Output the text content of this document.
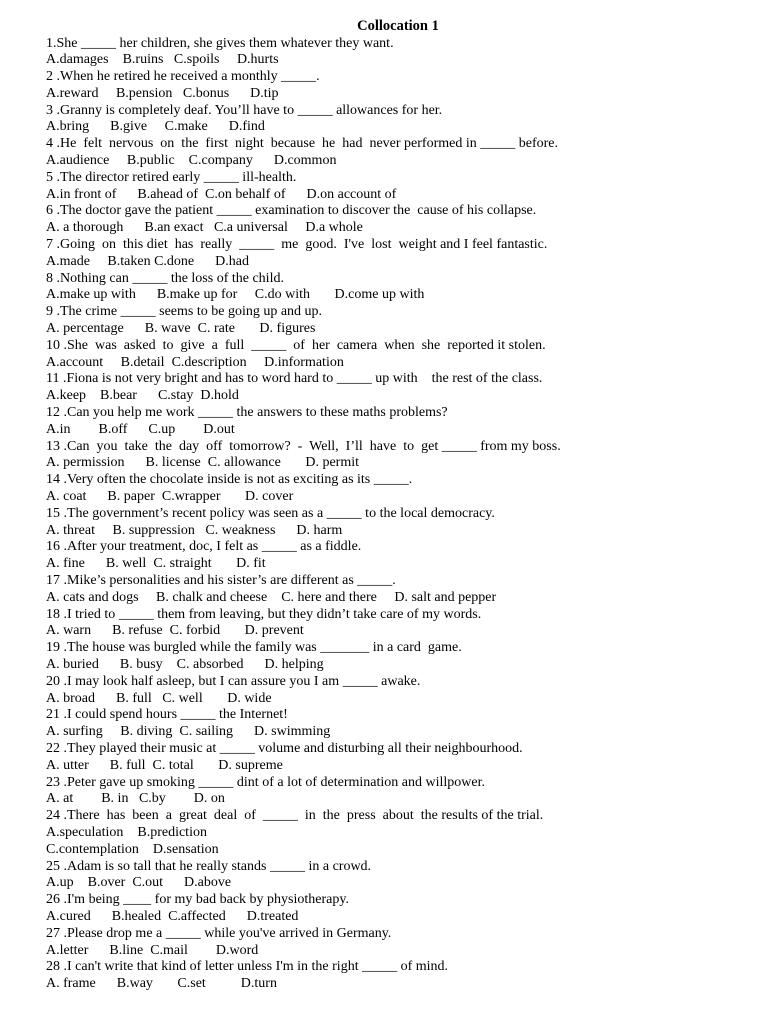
Collocation 1
1.She _____ her children, she gives them whatever they want.
A.damages    B.ruins   C.spoils     D.hurts
2 .When he retired he received a monthly _____.
A.reward     B.pension   C.bonus      D.tip
3 .Granny is completely deaf. You’ll have to _____ allowances for her.
A.bring      B.give     C.make      D.find
4 .He  felt  nervous  on  the  first  night  because  he  had  never performed in _____ before.
A.audience     B.public    C.company      D.common
5 .The director retired early _____ ill-health.
A.in front of      B.ahead of  C.on behalf of      D.on account of
6 .The doctor gave the patient _____ examination to discover the  cause of his collapse.
A. a thorough      B.an exact   C.a universal     D.a whole
7 .Going  on  this diet  has  really  _____  me  good.  I've  lost  weight and I feel fantastic.
A.made     B.taken C.done      D.had
8 .Nothing can _____ the loss of the child.
A.make up with      B.make up for     C.do with       D.come up with
9 .The crime _____ seems to be going up and up.
A. percentage      B. wave  C. rate       D. figures
10 .She  was  asked  to  give  a  full  _____  of  her  camera  when  she  reported it stolen.
A.account     B.detail  C.description     D.information
11 .Fiona is not very bright and has to word hard to _____ up with    the rest of the class.
A.keep    B.bear      C.stay  D.hold
12 .Can you help me work _____ the answers to these maths problems?
A.in        B.off      C.up        D.out
13 .Can  you  take  the  day  off  tomorrow?  -  Well,  I’ll  have  to  get _____ from my boss.
A. permission      B. license  C. allowance       D. permit
14 .Very often the chocolate inside is not as exciting as its _____.
A. coat      B. paper  C.wrapper       D. cover
15 .The government’s recent policy was seen as a _____ to the local democracy.
A. threat     B. suppression   C. weakness      D. harm
16 .After your treatment, doc, I felt as _____ as a fiddle.
A. fine      B. well  C. straight       D. fit
17 .Mike’s personalities and his sister’s are different as _____.
A. cats and dogs     B. chalk and cheese    C. here and there     D. salt and pepper
18 .I tried to _____ them from leaving, but they didn’t take care of my words.
A. warn      B. refuse  C. forbid       D. prevent
19 .The house was burgled while the family was _______ in a card  game.
A. buried      B. busy    C. absorbed      D. helping
20 .I may look half asleep, but I can assure you I am _____ awake.
A. broad      B. full   C. well       D. wide
21 .I could spend hours _____ the Internet!
A. surfing     B. diving  C. sailing      D. swimming
22 .They played their music at _____ volume and disturbing all their neighbourhood.
A. utter      B. full  C. total       D. supreme
23 .Peter gave up smoking _____ dint of a lot of determination and willpower.
A. at        B. in   C.by        D. on
24 .There  has  been  a  great  deal  of  _____  in  the  press  about  the results of the trial.
A.speculation    B.prediction
C.contemplation    D.sensation
25 .Adam is so tall that he really stands _____ in a crowd.
A.up    B.over  C.out      D.above
26 .I'm being ____ for my bad back by physiotherapy.
A.cured      B.healed  C.affected      D.treated
27 .Please drop me a _____ while you've arrived in Germany.
A.letter      B.line  C.mail        D.word
28 .I can't write that kind of letter unless I'm in the right _____ of mind.
A. frame      B.way       C.set          D.turn
